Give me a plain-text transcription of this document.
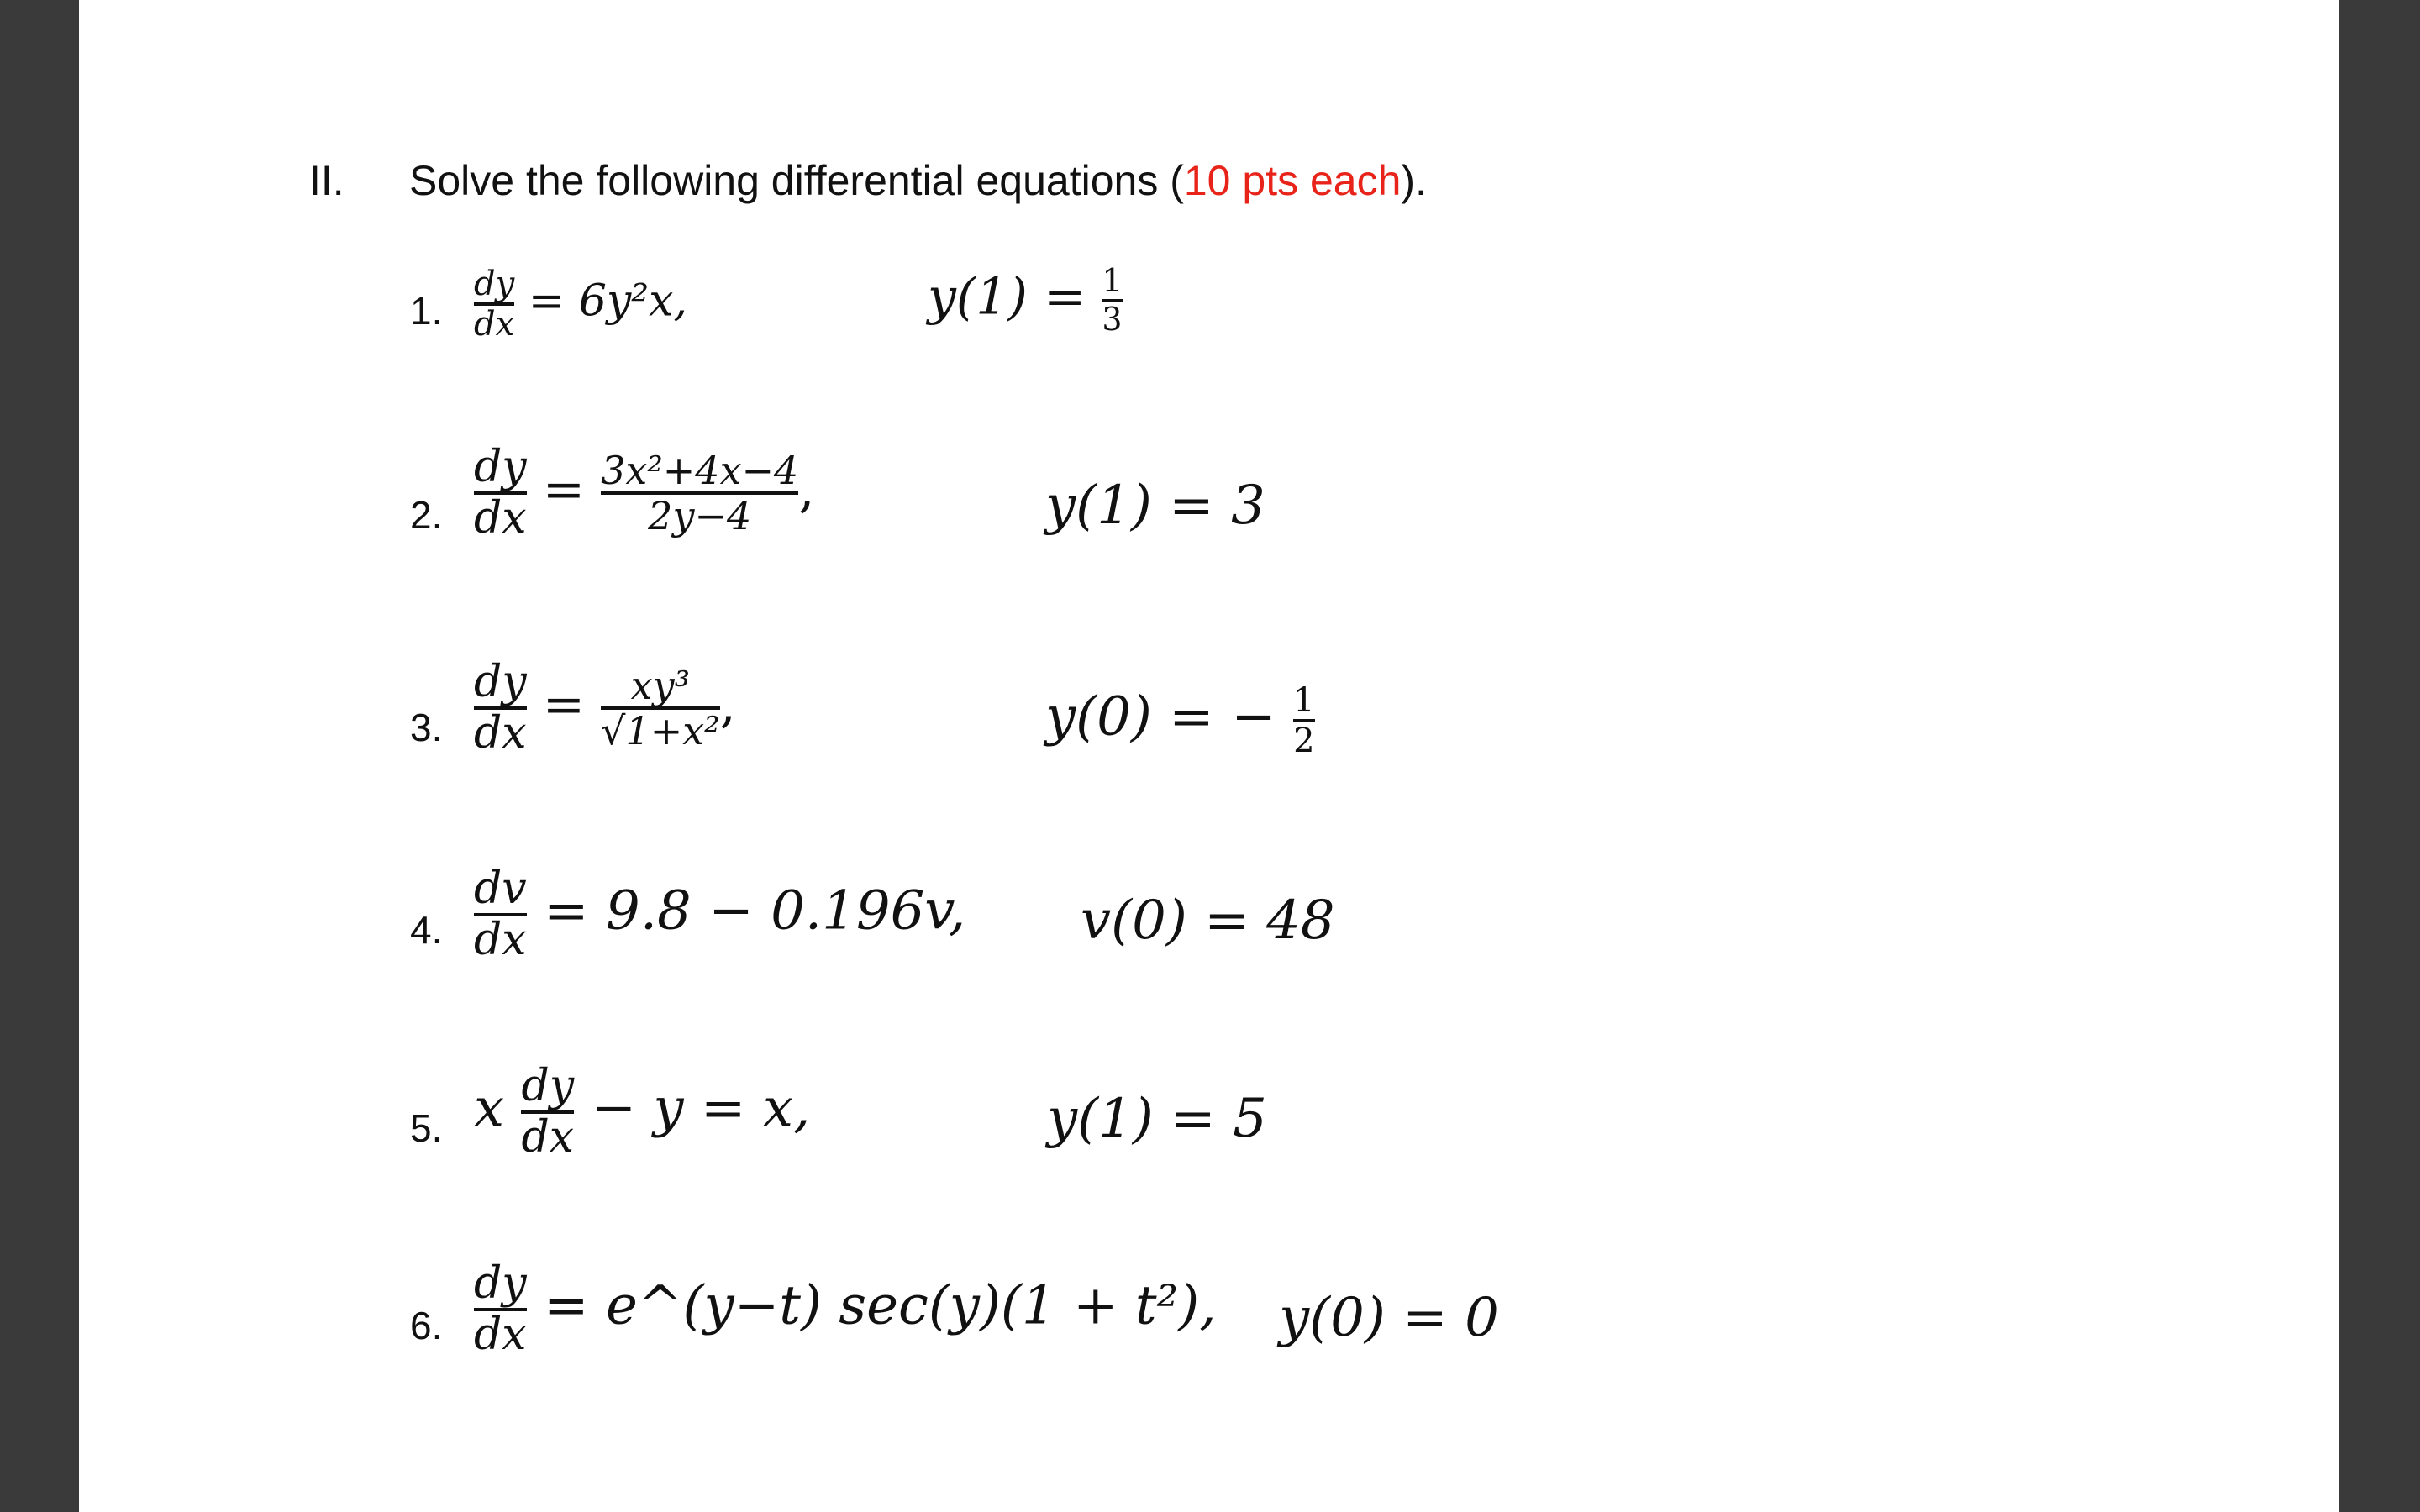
II. Solve the following differential equations (10 pts each).
1. $\frac{dy}{dx} = 6y^2x$,	$y(1) = \frac{1}{3}$
2. $\frac{dy}{dx} = \frac{\text{3x²+4x−4}}{2y-4}$ ,	y(1) = 3
3. $\frac{dy}{dx} = \frac{\text{xy³}}{\text{√1+x²}}$ ,	y(0) = − $\frac{1}{2}$
4. $\frac{dv}{dx} = 9.8 - 0.196v$, v(0) = 48
5. x $\frac{dy}{dx} - y = x$,	y(1) = 5
6. $\frac{dy}{dx}$ = e^(y−t) sec(y)(1 + t²), y(0) = 0
